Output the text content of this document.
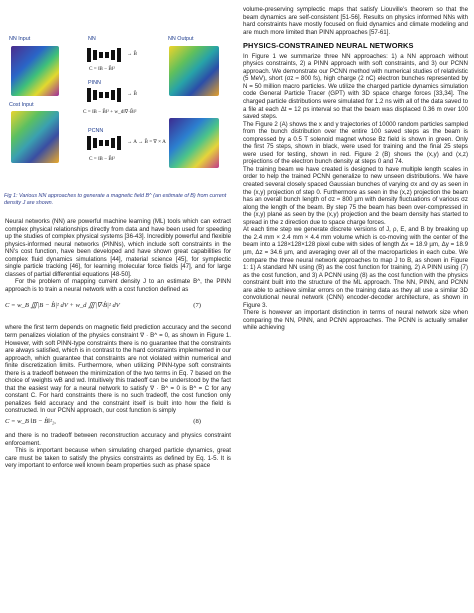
NN Input	NN	NN Output
→ B̂
C = ‖B − B̂‖²
PINN
→ B̂
Cost Input
C = ‖B − B̂‖² + w_d‖∇·B̂‖²
PCNN
→ A → B̂ = ∇ × A
C = ‖B − B̂‖²
Fig 1: Various NN approaches to generate a magnetic field B^ (an estimate of B) from current density J are shown.

Neural networks (NN) are powerful machine learning (ML) tools which can extract complex physical relationships directly from data and have been used for speeding up the studies of complex physical systems [36-43]. Incredibly powerful and flexible physics-informed neural networks (PINNs), which include soft constraints in the NN’s cost function, have been developed and have shown great capabilities for complex fluid dynamics simulations [44], material science [45], for symplectic single particle tracking [46], for learning molecular force fields [47], and for large classes of partial differential equations [48-50].

For the problem of mapping current density J to an estimate B^, the PINN approach is to train a neural network with a cost function defined as

C = w_B ∭|B − B̂|² dV + w_d ∭|∇·B̂|² dV	(7)

where the first term depends on magnetic field prediction accuracy and the second term penalizes violation of the physics constraint ∇ · B^ = 0, as shown in Figure 1. However, with soft PINN-type constraints there is no guarantee that the constraints are always satisfied, which is in contrast to the hard constraints implemented in our approach, which guarantee that constraints are not violated within numerical and finite discretization limits. Furthermore, when utilizing PINN-type soft constraints there is a tradeoff between the minimization of the two terms in Eq. 7 based on the choice of weights wB and wd. Intuitively this tradeoff can be understood by the fact that the easiest way for a neural network to satisfy ∇ · B^ = 0 is B^ = C for any constant C. For hard constraints there is no such tradeoff, the cost function only penalizes field accuracy and the constraint itself is built into how the field is constructed. In our PCNN approach, our cost function is simply

C = w_B ‖B − B̂‖²₂,	(8)

and there is no tradeoff between reconstruction accuracy and physics constraint enforcement.

This is important because when simulating charged particle dynamics, great care must be taken to satisfy the physics constraints as defined by Eq. 1-5. It is very important to enforce well known beam properties such as phase space

volume-preserving symplectic maps that satisfy Liouville’s theorem so that the beam dynamics are self-consistent [51-56]. Results on physics informed NNs with hard constraints have mostly focused on fluid dynamics and climate modeling and are much more limited than PINN approaches [57-61].

PHYSICS-CONSTRAINED NEURAL NETWORKS

In Figure 1 we summarize three NN approaches: 1) a NN approach without physics constraints, 2) a PINN approach with soft constraints, and 3) our PCNN approach. We demonstrate our PCNN method with numerical studies of relativistic (5 MeV), short (σz ≈ 800 fs), high charge (2 nC) electron bunches represented by N = 50 million macro particles. We utilize the charged particle dynamics simulation code General Particle Tracer (GPT) with 3D space charge forces [33,34]. The charged particle distributions were simulated for 1.2 ns with all of the data saved to a file at each Δt = 12 ps interval so that the beam was displaced 0.36 m over 100 saved steps.

The Figure 2 (A) shows the x and y trajectories of 10000 random particles sampled from the bunch distribution over the entire 100 saved steps as the beam is compressed by a 0.5 T solenoid magnet whose Bz field is shown in green. Only the first 75 steps, shown in black, were used for training and the final 25 steps were used for testing, shown in red. Figure 2 (B) shows the (x,y) and (x,z) projections of the electron bunch density at steps 0 and 74.

The training beam we have created is designed to have multiple length scales in order to help the trained PCNN generalize to new unseen distributions. We have created several closely spaced Gaussian bunches of varying σx and σy as seen in the (x,y) projection of step 0. Furthermore as seen in the (x,z) projection the beam has an overall bunch length of σz ≈ 800 µm with density fluctuations of various σz along the length of the beam. By step 75 the beam has been over-compressed in the (x,y) plane as seen by the (x,y) projection and the beam density has started to spread in the z direction due to space charge forces.

At each time step we generate discrete versions of J, ρ, E, and B by breaking up the 2.4 mm × 2.4 mm × 4.4 mm volume which is co-moving with the center of the beam into a 128×128×128 pixel cube with sides of length Δx = 18.9 µm, Δy = 18.9 µm, Δz = 34.6 µm, and averaging over all of the macroparticles in each cube. We compare the three neural network approaches to map J to B, as shown in Figure 1: 1) A standard NN using (B) as the cost function for training, 2) A PINN using (7) as the cost function, and 3) A PCNN using (8) as the cost function with the physics constraint built into the structure of the ML approach. The NN, PINN, and PCNN are able to achieve similar errors on the training data as they all use a similar 3D convolutional neural network (CNN) encoder-decoder architecture, as shown in Figure 3.

There is however an important distinction in terms of neural network size when comparing the NN, PINN, and PCNN approaches. The PCNN is actually smaller while achieving
